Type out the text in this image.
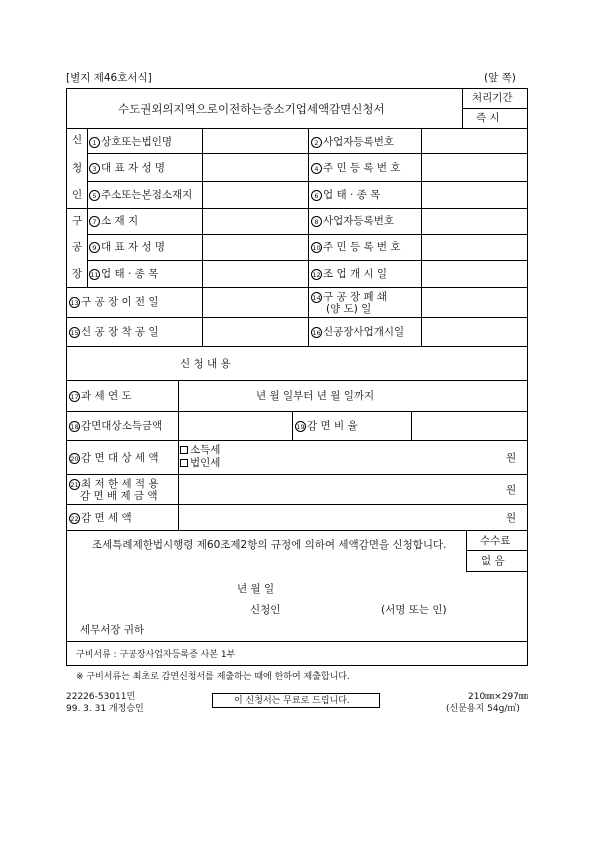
[별지 제46호서식]	(앞 쪽)
수도권외의지역으로이전하는중소기업세액감면신청서
처리기간
즉 시
신
청
인
1 상호또는법인명	2 사업자등록번호
3 대 표 자 성 명	4 주 민 등 록 번 호
5 주소또는본점소재지	6 업 태 · 종 목
구
공
장
7 소 재 지	8 사업자등록번호
9 대 표 자 성 명	10 주 민 등 록 번 호
11 업 태 · 종 목	12 조 업 개 시 일
13 구 공 장 이 전 일	14 구 공 장 폐 쇄
(양 도) 일
15 신 공 장 착 공 일	16 신공장사업개시일
신 청 내 용
17 과 세 연 도	년 월 일부터 년 월 일까지
18 감면대상소득금액	19 감 면 비 율
20 감 면 대 상 세 액
소득세
법인세	원
21 최 저 한 세 적 용
감 면 배 제 금 액	원
22 감 면 세 액	원
조세특례제한법시행령 제60조제2항의 규정에 의하여 세액감면을 신청합니다.	수수료
없 음
년 월 일
신청인	(서명 또는 인)
세무서장 귀하
구비서류 : 구공장사업자등록증 사본 1부
※ 구비서류는 최초로 감면신청서를 제출하는 때에 한하여 제출합니다.
22226-53011민
99. 3. 31 개정승인
이 신청서는 무료로 드립니다.	210㎜×297㎜
(신문용지 54g/㎡)
